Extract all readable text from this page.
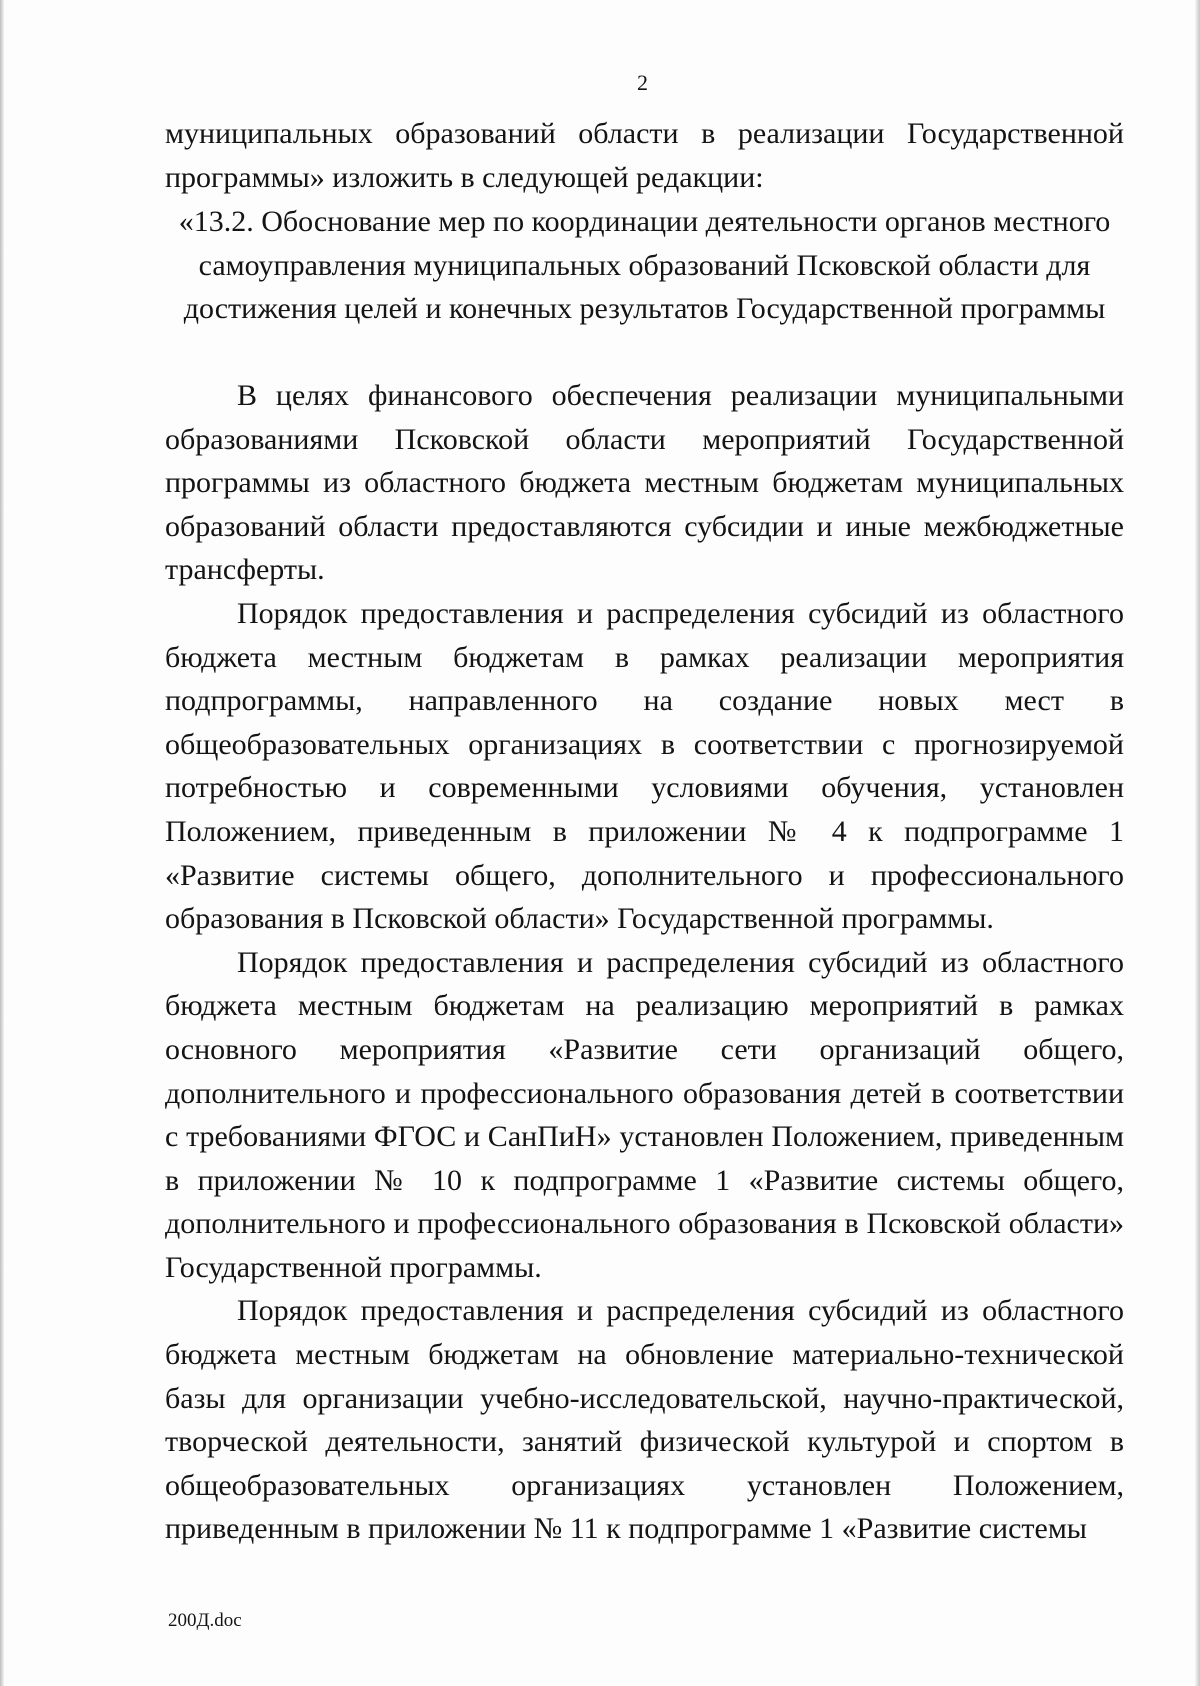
2

муниципальных образований области в реализации Государственной программы» изложить в следующей редакции:

«13.2. Обоснование мер по координации деятельности органов местного
самоуправления муниципальных образований Псковской области для
достижения целей и конечных результатов Государственной программы

В целях финансового обеспечения реализации муниципальными образованиями Псковской области мероприятий Государственной программы из областного бюджета местным бюджетам муниципальных образований области предоставляются субсидии и иные межбюджетные трансферты.

Порядок предоставления и распределения субсидий из областного бюджета местным бюджетам в рамках реализации мероприятия подпрограммы, направленного на создание новых мест в общеобразовательных организациях в соответствии с прогнозируемой потребностью и современными условиями обучения, установлен Положением, приведенным в приложении № 4 к подпрограмме 1 «Развитие системы общего, дополнительного и профессионального образования в Псковской области» Государственной программы.

Порядок предоставления и распределения субсидий из областного бюджета местным бюджетам на реализацию мероприятий в рамках основного мероприятия «Развитие сети организаций общего, дополнительного и профессионального образования детей в соответствии с требованиями ФГОС и СанПиН» установлен Положением, приведенным в приложении № 10 к подпрограмме 1 «Развитие системы общего, дополнительного и профессионального образования в Псковской области» Государственной программы.

Порядок предоставления и распределения субсидий из областного бюджета местным бюджетам на обновление материально-технической базы для организации учебно-исследовательской, научно-практической, творческой деятельности, занятий физической культурой и спортом в общеобразовательных организациях установлен Положением, приведенным в приложении № 11 к подпрограмме 1 «Развитие системы

200Д.doc
